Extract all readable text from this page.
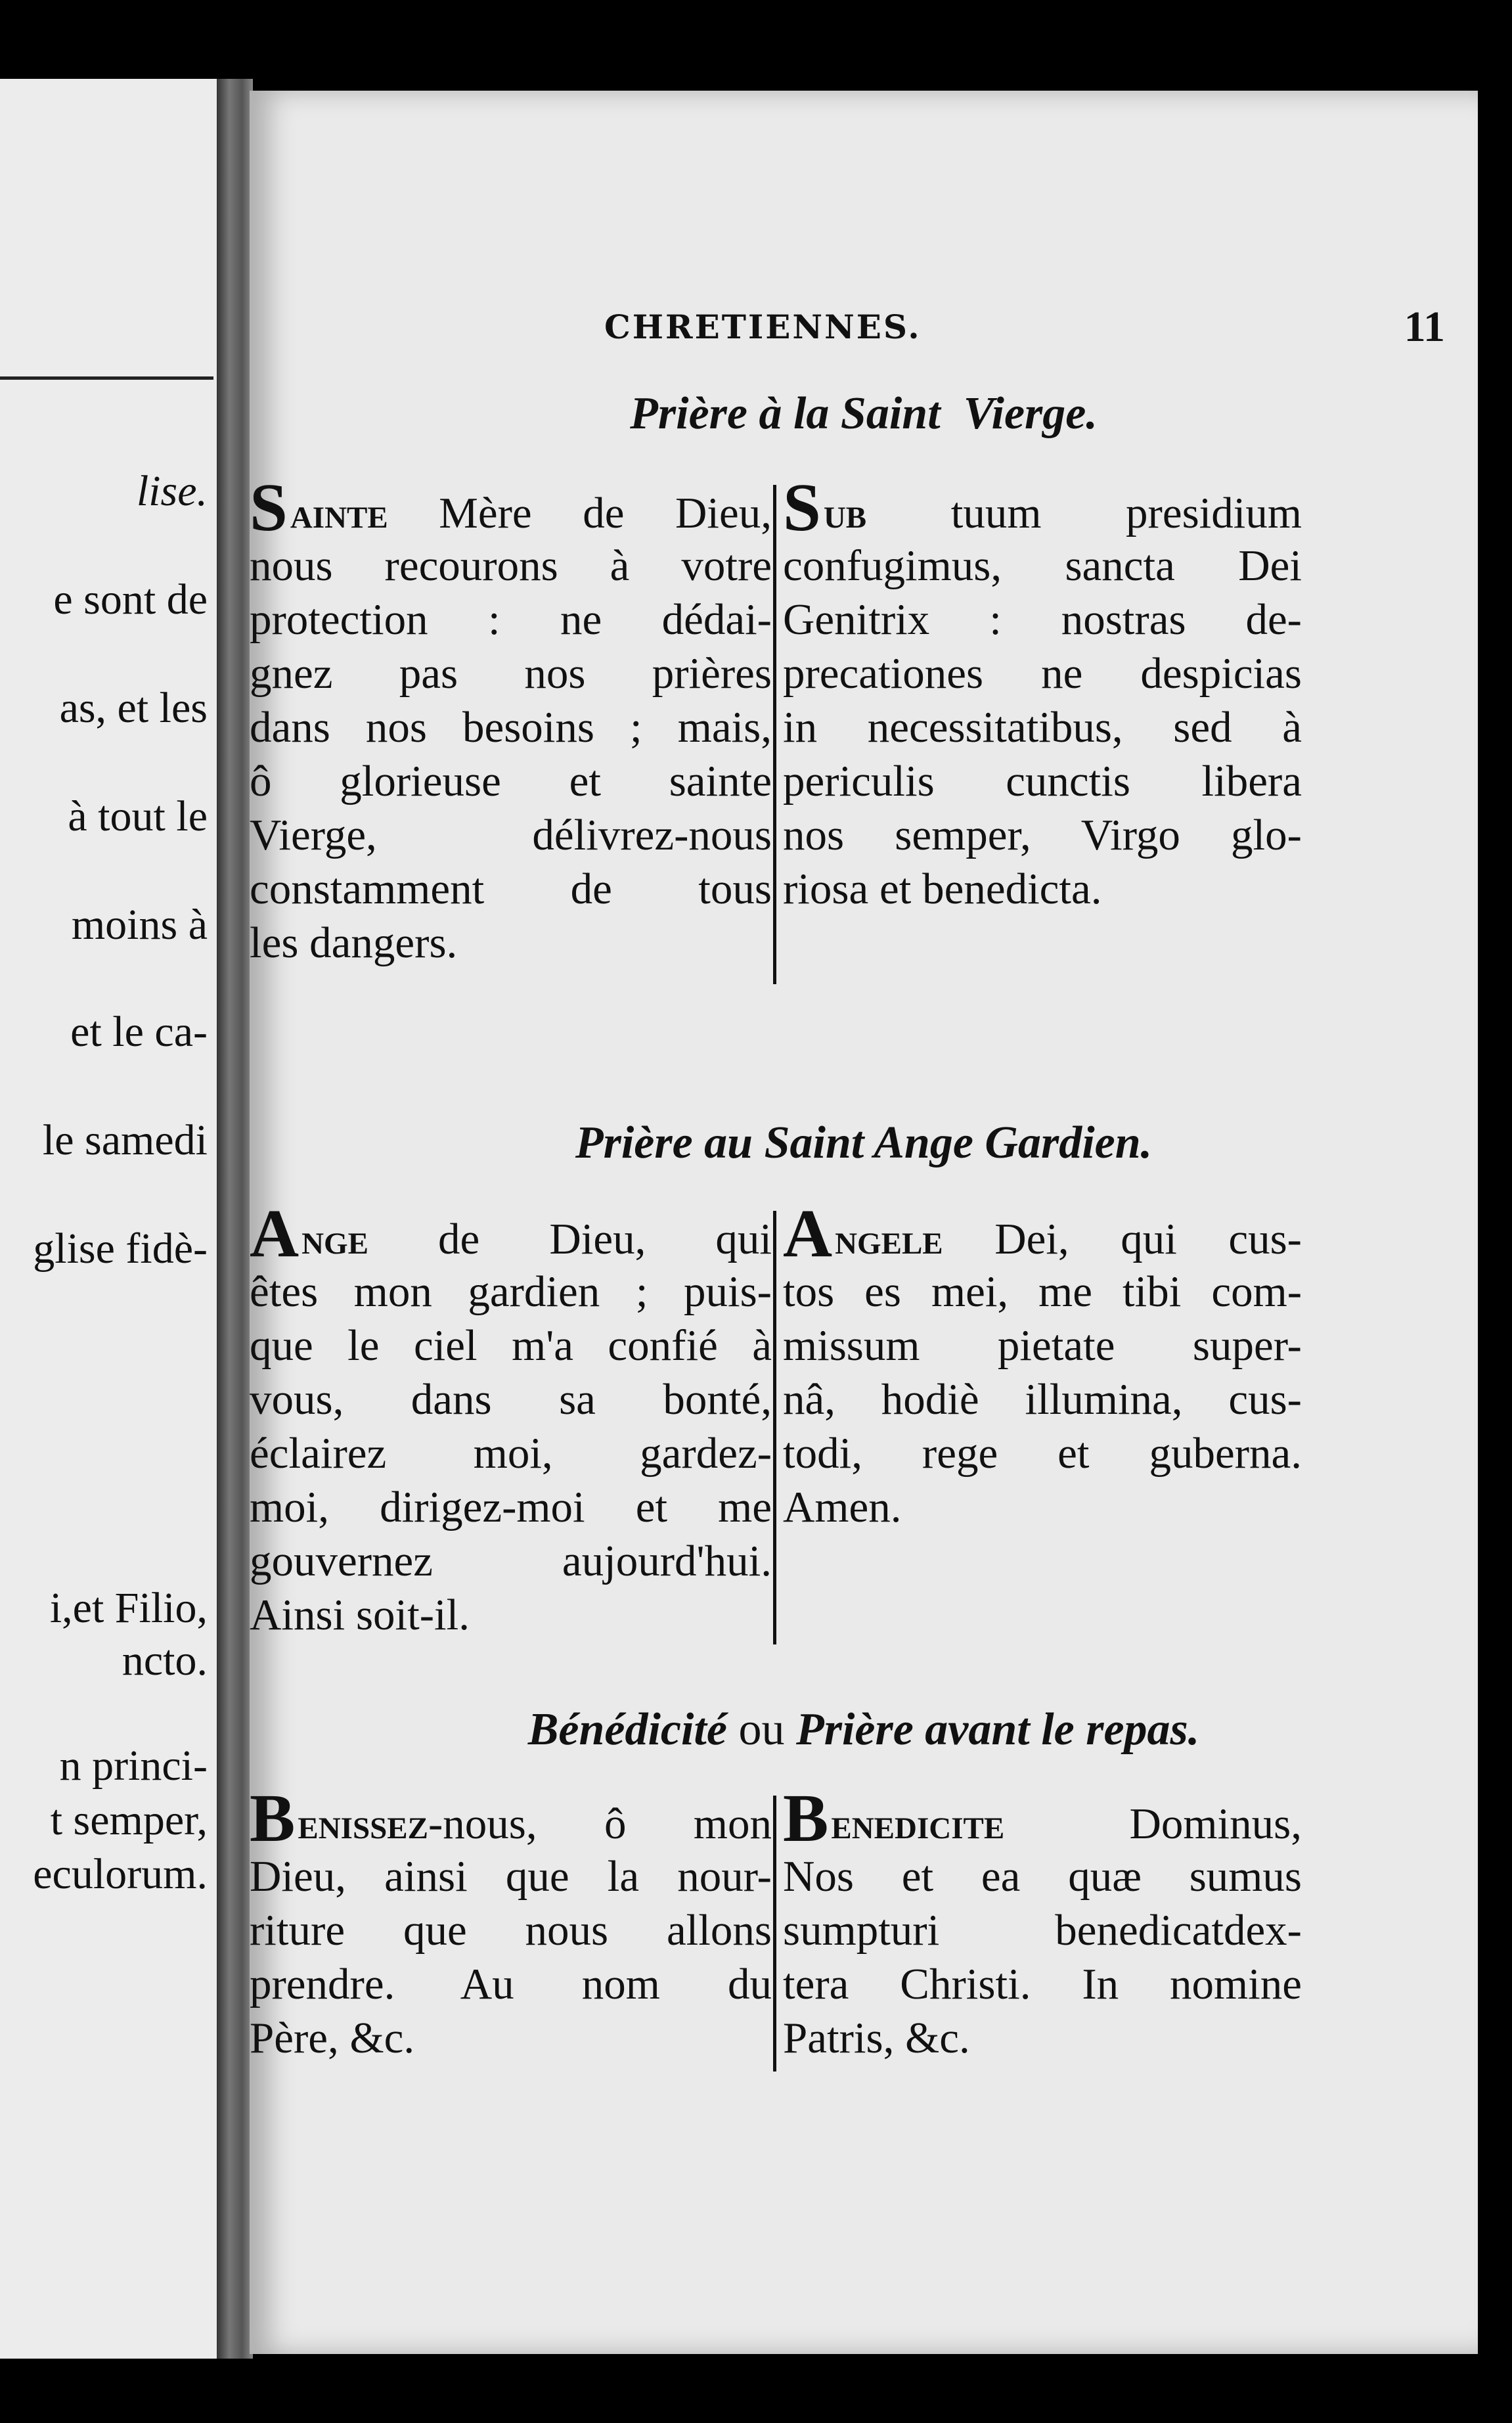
lise.
e sont de
as, et les
à tout le
moins à
et le ca-
le samedi
glise fidè-
i,et Filio,
ncto.
n princi-
t semper,
eculorum.
CHRETIENNES.	11
Prière à la Saint Vierge.
Sainte Mère de Dieu,
nous recourons à votre
protection : ne dédai-
gnez pas nos prières
dans nos besoins ; mais,
ô glorieuse et sainte
Vierge, délivrez-nous
constamment de tous
les dangers.
Sub tuum presidium
confugimus, sancta Dei
Genitrix : nostras de-
precationes ne despicias
in necessitatibus, sed à
periculis cunctis libera
nos semper, Virgo glo-
riosa et benedicta.
Prière au Saint Ange Gardien.
Ange de Dieu, qui
êtes mon gardien ; puis-
que le ciel m'a confié à
vous, dans sa bonté,
éclairez moi, gardez-
moi, dirigez-moi et me
gouvernez aujourd'hui.
Ainsi soit-il.
Angele Dei, qui cus-
tos es mei, me tibi com-
missum pietate super-
nâ, hodiè illumina, cus-
todi, rege et guberna.
Amen.
Bénédicité ou Prière avant le repas.
Benissez-nous, ô mon
Dieu, ainsi que la nour-
riture que nous allons
prendre. Au nom du
Père, &c.
Benedicite Dominus,
Nos et ea quæ sumus
sumpturi benedicatdex-
tera Christi. In nomine
Patris, &c.
